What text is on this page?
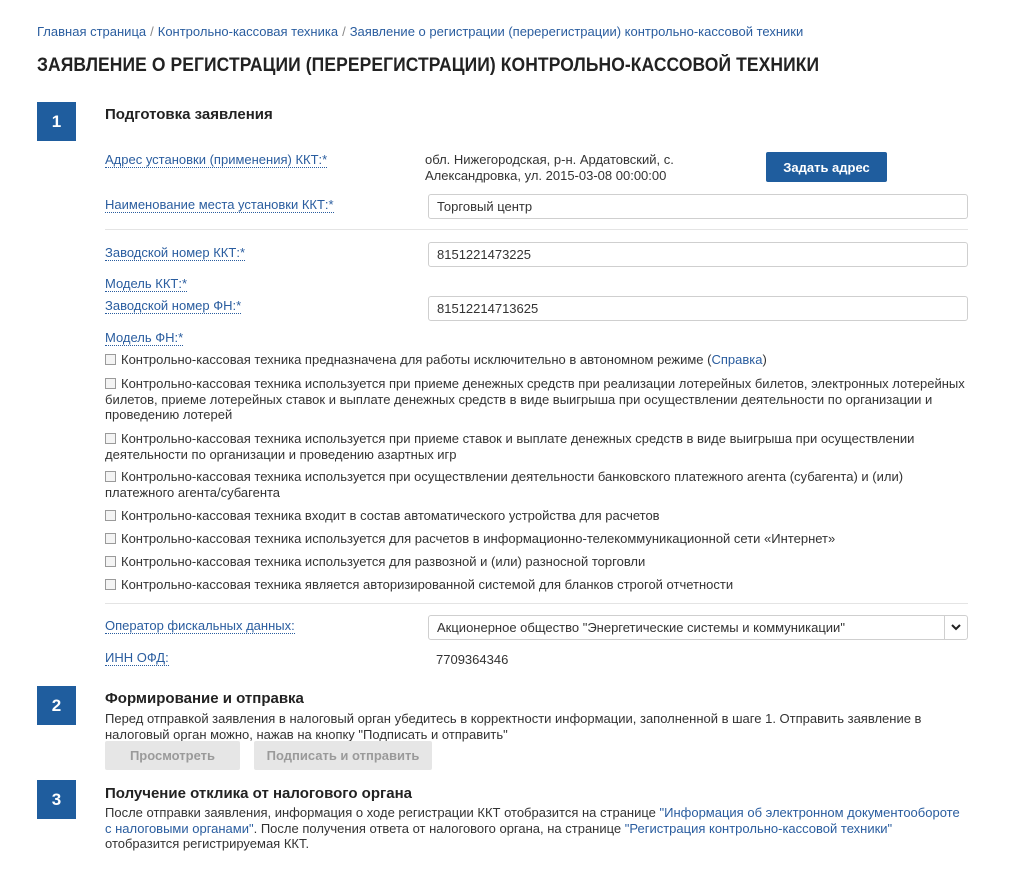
Главная страница / Контрольно-кассовая техника / Заявление о регистрации (перерегистрации) контрольно-кассовой техники
ЗАЯВЛЕНИЕ О РЕГИСТРАЦИИ (ПЕРЕРЕГИСТРАЦИИ) КОНТРОЛЬНО-КАССОВОЙ ТЕХНИКИ
1	Подготовка заявления
Адрес установки (применения) ККТ:*	обл. Нижегородская, р-н. Ардатовский, с.
Александровка, ул. 2015-03-08 00:00:00
Задать адрес
Наименование места установки ККТ:*	Торговый центр
Заводской номер ККТ:*	8151221473225
Модель ККТ:*
Заводской номер ФН:*	81512214713625
Модель ФН:*
Контрольно-кассовая техника предназначена для работы исключительно в автономном режиме (Справка)
Контрольно-кассовая техника используется при приеме денежных средств при реализации лотерейных билетов, электронных лотерейных билетов, приеме лотерейных ставок и выплате денежных средств в виде выигрыша при осуществлении деятельности по организации и проведению лотерей
Контрольно-кассовая техника используется при приеме ставок и выплате денежных средств в виде выигрыша при осуществлении деятельности по организации и проведению азартных игр
Контрольно-кассовая техника используется при осуществлении деятельности банковского платежного агента (субагента) и (или) платежного агента/субагента
Контрольно-кассовая техника входит в состав автоматического устройства для расчетов
Контрольно-кассовая техника используется для расчетов в информационно-телекоммуникационной сети «Интернет»
Контрольно-кассовая техника используется для развозной и (или) разносной торговли
Контрольно-кассовая техника является авторизированной системой для бланков строгой отчетности
Оператор фискальных данных:	Акционерное общество "Энергетические системы и коммуникации"
ИНН ОФД:	7709364346
2	Формирование и отправка
Перед отправкой заявления в налоговый орган убедитесь в корректности информации, заполненной в шаге 1. Отправить заявление в
налоговый орган можно, нажав на кнопку "Подписать и отправить"
Просмотреть	Подписать и отправить
3	Получение отклика от налогового органа
После отправки заявления, информация о ходе регистрации ККТ отобразится на странице "Информация об электронном документообороте с налоговыми органами". После получения ответа от налогового органа, на странице "Регистрация контрольно-кассовой техники" отобразится регистрируемая ККТ.
